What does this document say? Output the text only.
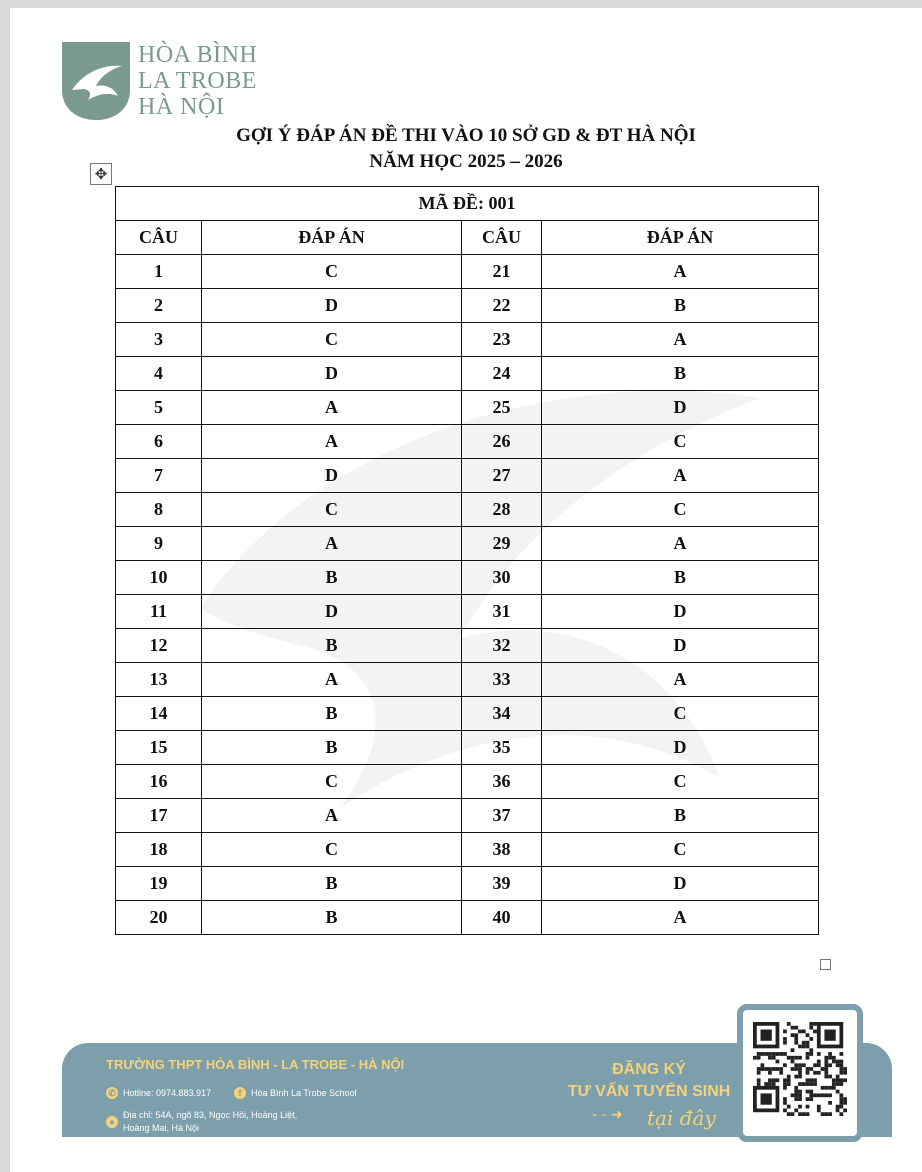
HÒA BÌNH
LA TROBE
HÀ NỘI
GỢI Ý ĐÁP ÁN ĐỀ THI VÀO 10 SỞ GD & ĐT HÀ NỘI
NĂM HỌC 2025 – 2026
✥
MÃ ĐỀ: 001			
CÂU	ĐÁP ÁN	CÂU	ĐÁP ÁN
1	C	21	A
2	D	22	B
3	C	23	A
4	D	24	B
5	A	25	D
6	A	26	C
7	D	27	A
8	C	28	C
9	A	29	A
10	B	30	B
11	D	31	D
12	B	32	D
13	A	33	A
14	B	34	C
15	B	35	D
16	C	36	C
17	A	37	B
18	C	38	C
19	B	39	D
20	B	40	A
TRƯỜNG THPT HÒA BÌNH - LA TROBE - HÀ NỘI
✆ Hotline: 0974.883.917	f	Hòa Bình La Trobe School
●
Địa chỉ: 54A, ngõ 83, Ngọc Hồi, Hoàng Liệt,
Hoàng Mai, Hà Nội
ĐĂNG KÝ
TƯ VẤN TUYỂN SINH
- - ➜ tại đây
